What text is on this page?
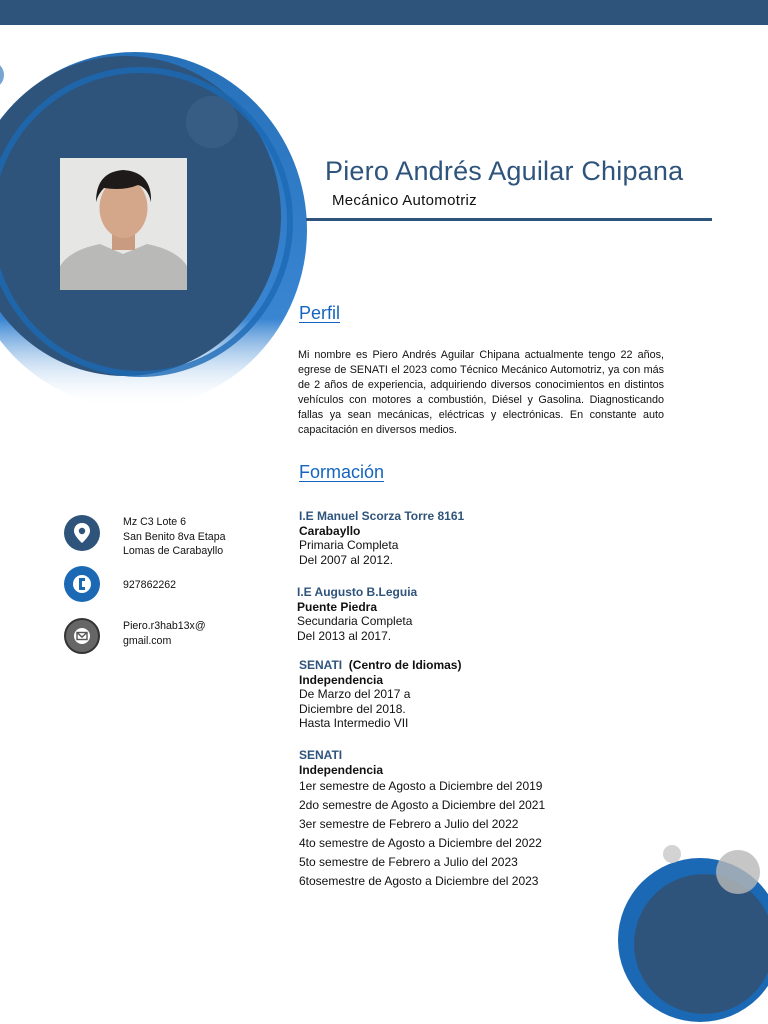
Piero Andrés Aguilar Chipana

Mecánico Automotriz

Perfil

Mi nombre es Piero Andrés Aguilar Chipana actualmente tengo 22 años, egrese de SENATI el 2023 como Técnico Mecánico Automotriz, ya con más de 2 años de experiencia, adquiriendo diversos conocimientos en distintos vehículos con motores a combustión, Diésel y Gasolina. Diagnosticando fallas ya sean mecánicas, eléctricas y electrónicas. En constante auto capacitación en diversos medios.

Formación
I.E Manuel Scorza Torre 8161
Carabayllo
Primaria Completa
Del 2007 al 2012.
I.E Augusto B.Leguia
Puente Piedra
Secundaria Completa
Del 2013 al 2017.
SENATI (Centro de Idiomas)
Independencia
De Marzo del 2017 a
Diciembre del 2018.
Hasta Intermedio VII
SENATI
Independencia
1er semestre de Agosto a Diciembre del 2019
2do semestre de Agosto a Diciembre del 2021
3er semestre de Febrero a Julio del 2022
4to semestre de Agosto a Diciembre del 2022
5to semestre de Febrero a Julio del 2023
6tosemestre de Agosto a Diciembre del 2023
Mz C3 Lote 6
San Benito 8va Etapa
Lomas de Carabayllo
927862262
Piero.r3hab13x@
gmail.com
